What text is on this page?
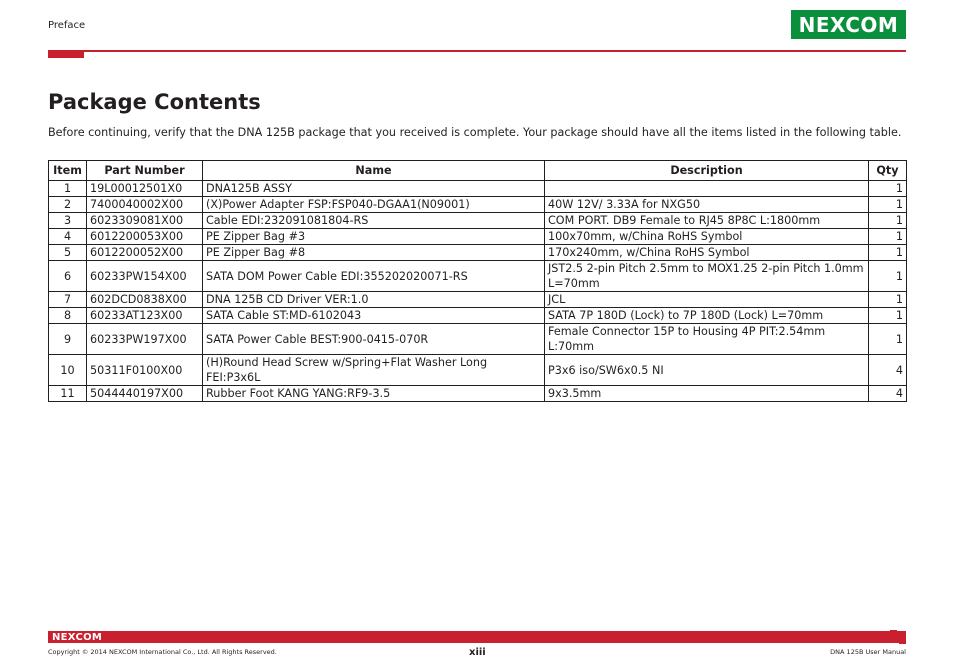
Preface	NEXCOM
Package Contents

Before continuing, verify that the DNA 125B package that you received is complete. Your package should have all the items listed in the following table.

Item	Part Number	Name	Description	Qty
1	19L00012501X0	DNA125B ASSY		1
2	7400040002X00	(X)Power Adapter FSP:FSP040-DGAA1(N09001)	40W 12V/ 3.33A for NXG50	1
3	6023309081X00	Cable EDI:232091081804-RS	COM PORT. DB9 Female to RJ45 8P8C L:1800mm	1
4	6012200053X00	PE Zipper Bag #3	100x70mm, w/China RoHS Symbol	1
5	6012200052X00	PE Zipper Bag #8	170x240mm, w/China RoHS Symbol	1
6	60233PW154X00	SATA DOM Power Cable EDI:355202020071-RS	JST2.5 2-pin Pitch 2.5mm to MOX1.25 2-pin Pitch 1.0mm L=70mm	1
7	602DCD0838X00	DNA 125B CD Driver VER:1.0	JCL	1
8	60233AT123X00	SATA Cable ST:MD-6102043	SATA 7P 180D (Lock) to 7P 180D (Lock) L=70mm	1
9	60233PW197X00	SATA Power Cable BEST:900-0415-070R	Female Connector 15P to Housing 4P PIT:2.54mm L:70mm	1
10	50311F0100X00	(H)Round Head Screw w/Spring+Flat Washer Long FEI:P3x6L	P3x6 iso/SW6x0.5 NI	4
11	5044440197X00	Rubber Foot KANG YANG:RF9-3.5	9x3.5mm	4
NEXCOM
Copyright © 2014 NEXCOM International Co., Ltd. All Rights Reserved.	xiii	DNA 125B User Manual
